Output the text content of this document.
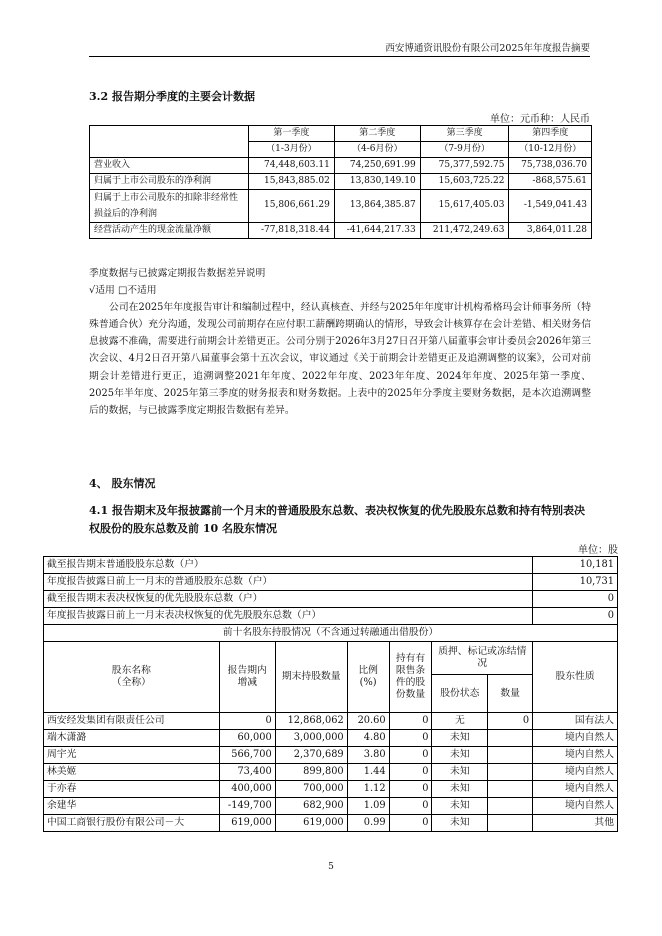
西安博通资讯股份有限公司2025年年度报告摘要
3.2 报告期分季度的主要会计数据
单位：元币种：人民币
	第一季度	第二季度	第三季度	第四季度
	（1-3月份）	（4-6月份）	（7-9月份）	（10-12月份）
营业收入	74,448,603.11	74,250,691.99	75,377,592.75	75,738,036.70
归属于上市公司股东的净利润	15,843,885.02	13,830,149.10	15,603,725.22	-868,575.61
归属于上市公司股东的扣除非经常性损益后的净利润	15,806,661.29	13,864,385.87	15,617,405.03	-1,549,041.43
经营活动产生的现金流量净额	-77,818,318.44	-41,644,217.33	211,472,249.63	3,864,011.28

季度数据与已披露定期报告数据差异说明

√适用 □不适用

公司在2025年年度报告审计和编制过程中，经认真核查、并经与2025年年度审计机构希格玛会计师事务所（特殊普通合伙）充分沟通，发现公司前期存在应付职工薪酬跨期确认的情形，导致会计核算存在会计差错、相关财务信息披露不准确，需要进行前期会计差错更正。公司分别于2026年3月27日召开第八届董事会审计委员会2026年第三次会议、4月2日召开第八届董事会第十五次会议，审议通过《关于前期会计差错更正及追溯调整的议案》，公司对前期会计差错进行更正，追溯调整2021年年度、2022年年度、2023年年度、2024年年度、2025年第一季度、2025年半年度、2025年第三季度的财务报表和财务数据。上表中的2025年分季度主要财务数据，是本次追溯调整后的数据，与已披露季度定期报告数据有差异。

4、 股东情况
4.1 报告期末及年报披露前一个月末的普通股股东总数、表决权恢复的优先股股东总数和持有特别表决权股份的股东总数及前 10 名股东情况
单位：股
截至报告期末普通股股东总数（户）							10,181
年度报告披露日前上一月末的普通股股东总数（户）							10,731
截至报告期末表决权恢复的优先股股东总数（户）							0
年度报告披露日前上一月末表决权恢复的优先股股东总数（户）							0
前十名股东持股情况（不含通过转融通出借股份）							

股东名称
（全称）	报告期内增减	期末持股数量	比例(%)	持有有限售条件的股份数量	质押、标记或冻结情况		股东性质
					股份状态	数量	
西安经发集团有限责任公司	0	12,868,062	20.60	0	无	0	国有法人
端木潇潞	60,000	3,000,000	4.80	0	未知		境内自然人
周宇光	566,700	2,370,689	3.80	0	未知		境内自然人
林美姬	73,400	899,800	1.44	0	未知		境内自然人
于亦春	400,000	700,000	1.12	0	未知		境内自然人
余建华	-149,700	682,900	1.09	0	未知		境内自然人
中国工商银行股份有限公司－大	619,000	619,000	0.99	0	未知		其他
5
